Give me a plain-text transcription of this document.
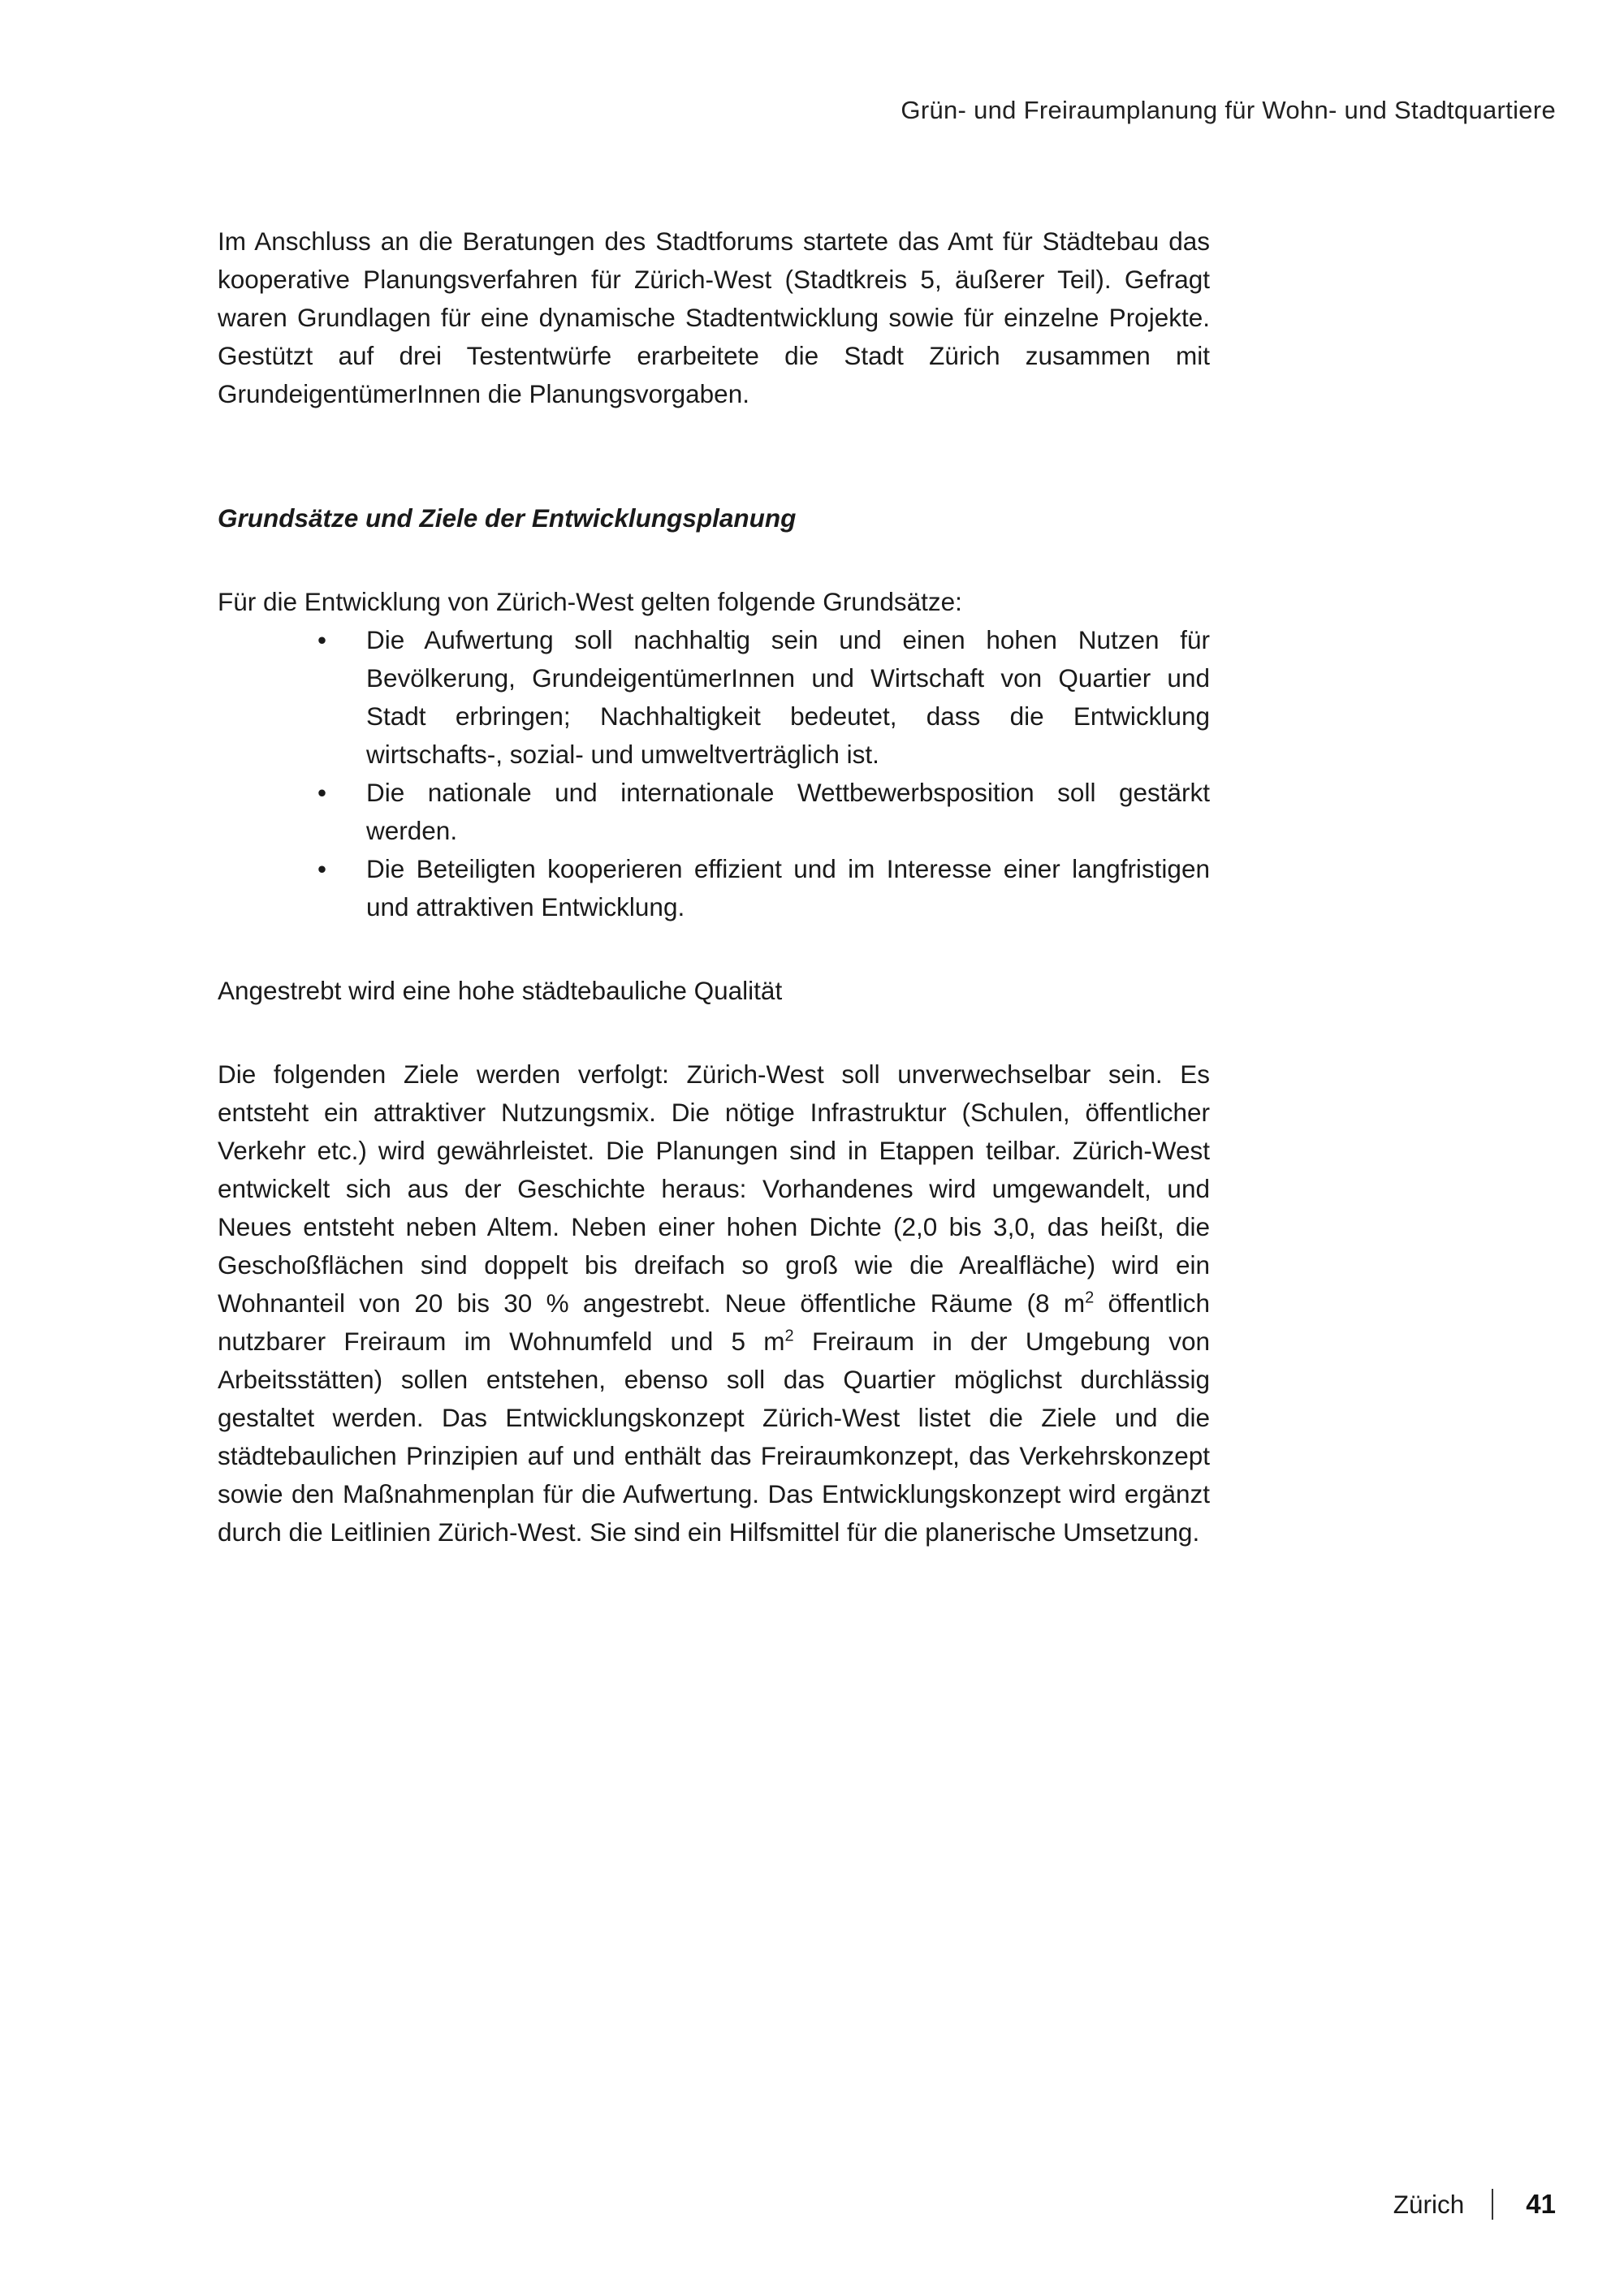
Grün- und Freiraumplanung für Wohn- und Stadtquartiere

Im Anschluss an die Beratungen des Stadtforums startete das Amt für Städtebau das kooperative Planungsverfahren für Zürich-West (Stadtkreis 5, äußerer Teil). Gefragt waren Grundlagen für eine dynamische Stadtentwicklung sowie für einzelne Projekte. Gestützt auf drei Testentwürfe erarbeitete die Stadt Zürich zusammen mit GrundeigentümerInnen die Planungsvorgaben.

Grundsätze und Ziele der Entwicklungsplanung

Für die Entwicklung von Zürich-West gelten folgende Grundsätze:

• Die Aufwertung soll nachhaltig sein und einen hohen Nutzen für Bevölkerung, GrundeigentümerInnen und Wirtschaft von Quartier und Stadt erbringen; Nachhaltigkeit bedeutet, dass die Entwicklung wirtschafts-, sozial- und umweltverträglich ist.
• Die nationale und internationale Wettbewerbsposition soll gestärkt werden.
• Die Beteiligten kooperieren effizient und im Interesse einer langfristigen und attraktiven Entwicklung.

Angestrebt wird eine hohe städtebauliche Qualität

Die folgenden Ziele werden verfolgt: Zürich-West soll unverwechselbar sein. Es entsteht ein attraktiver Nutzungsmix. Die nötige Infrastruktur (Schulen, öffentlicher Verkehr etc.) wird gewährleistet. Die Planungen sind in Etappen teilbar. Zürich-West entwickelt sich aus der Geschichte heraus: Vorhandenes wird umgewandelt, und Neues entsteht neben Altem. Neben einer hohen Dichte (2,0 bis 3,0, das heißt, die Geschoßflächen sind doppelt bis dreifach so groß wie die Arealfläche) wird ein Wohnanteil von 20 bis 30 % angestrebt. Neue öffentliche Räume (8 $m^2$ öffentlich nutzbarer Freiraum im Wohnumfeld und 5 $m^2$ Freiraum in der Umgebung von Arbeitsstätten) sollen entstehen, ebenso soll das Quartier möglichst durchlässig gestaltet werden. Das Entwicklungskonzept Zürich-West listet die Ziele und die städtebaulichen Prinzipien auf und enthält das Freiraumkonzept, das Verkehrskonzept sowie den Maßnahmenplan für die Aufwertung. Das Entwicklungskonzept wird ergänzt durch die Leitlinien Zürich-West. Sie sind ein Hilfsmittel für die planerische Umsetzung.

Zürich 41
